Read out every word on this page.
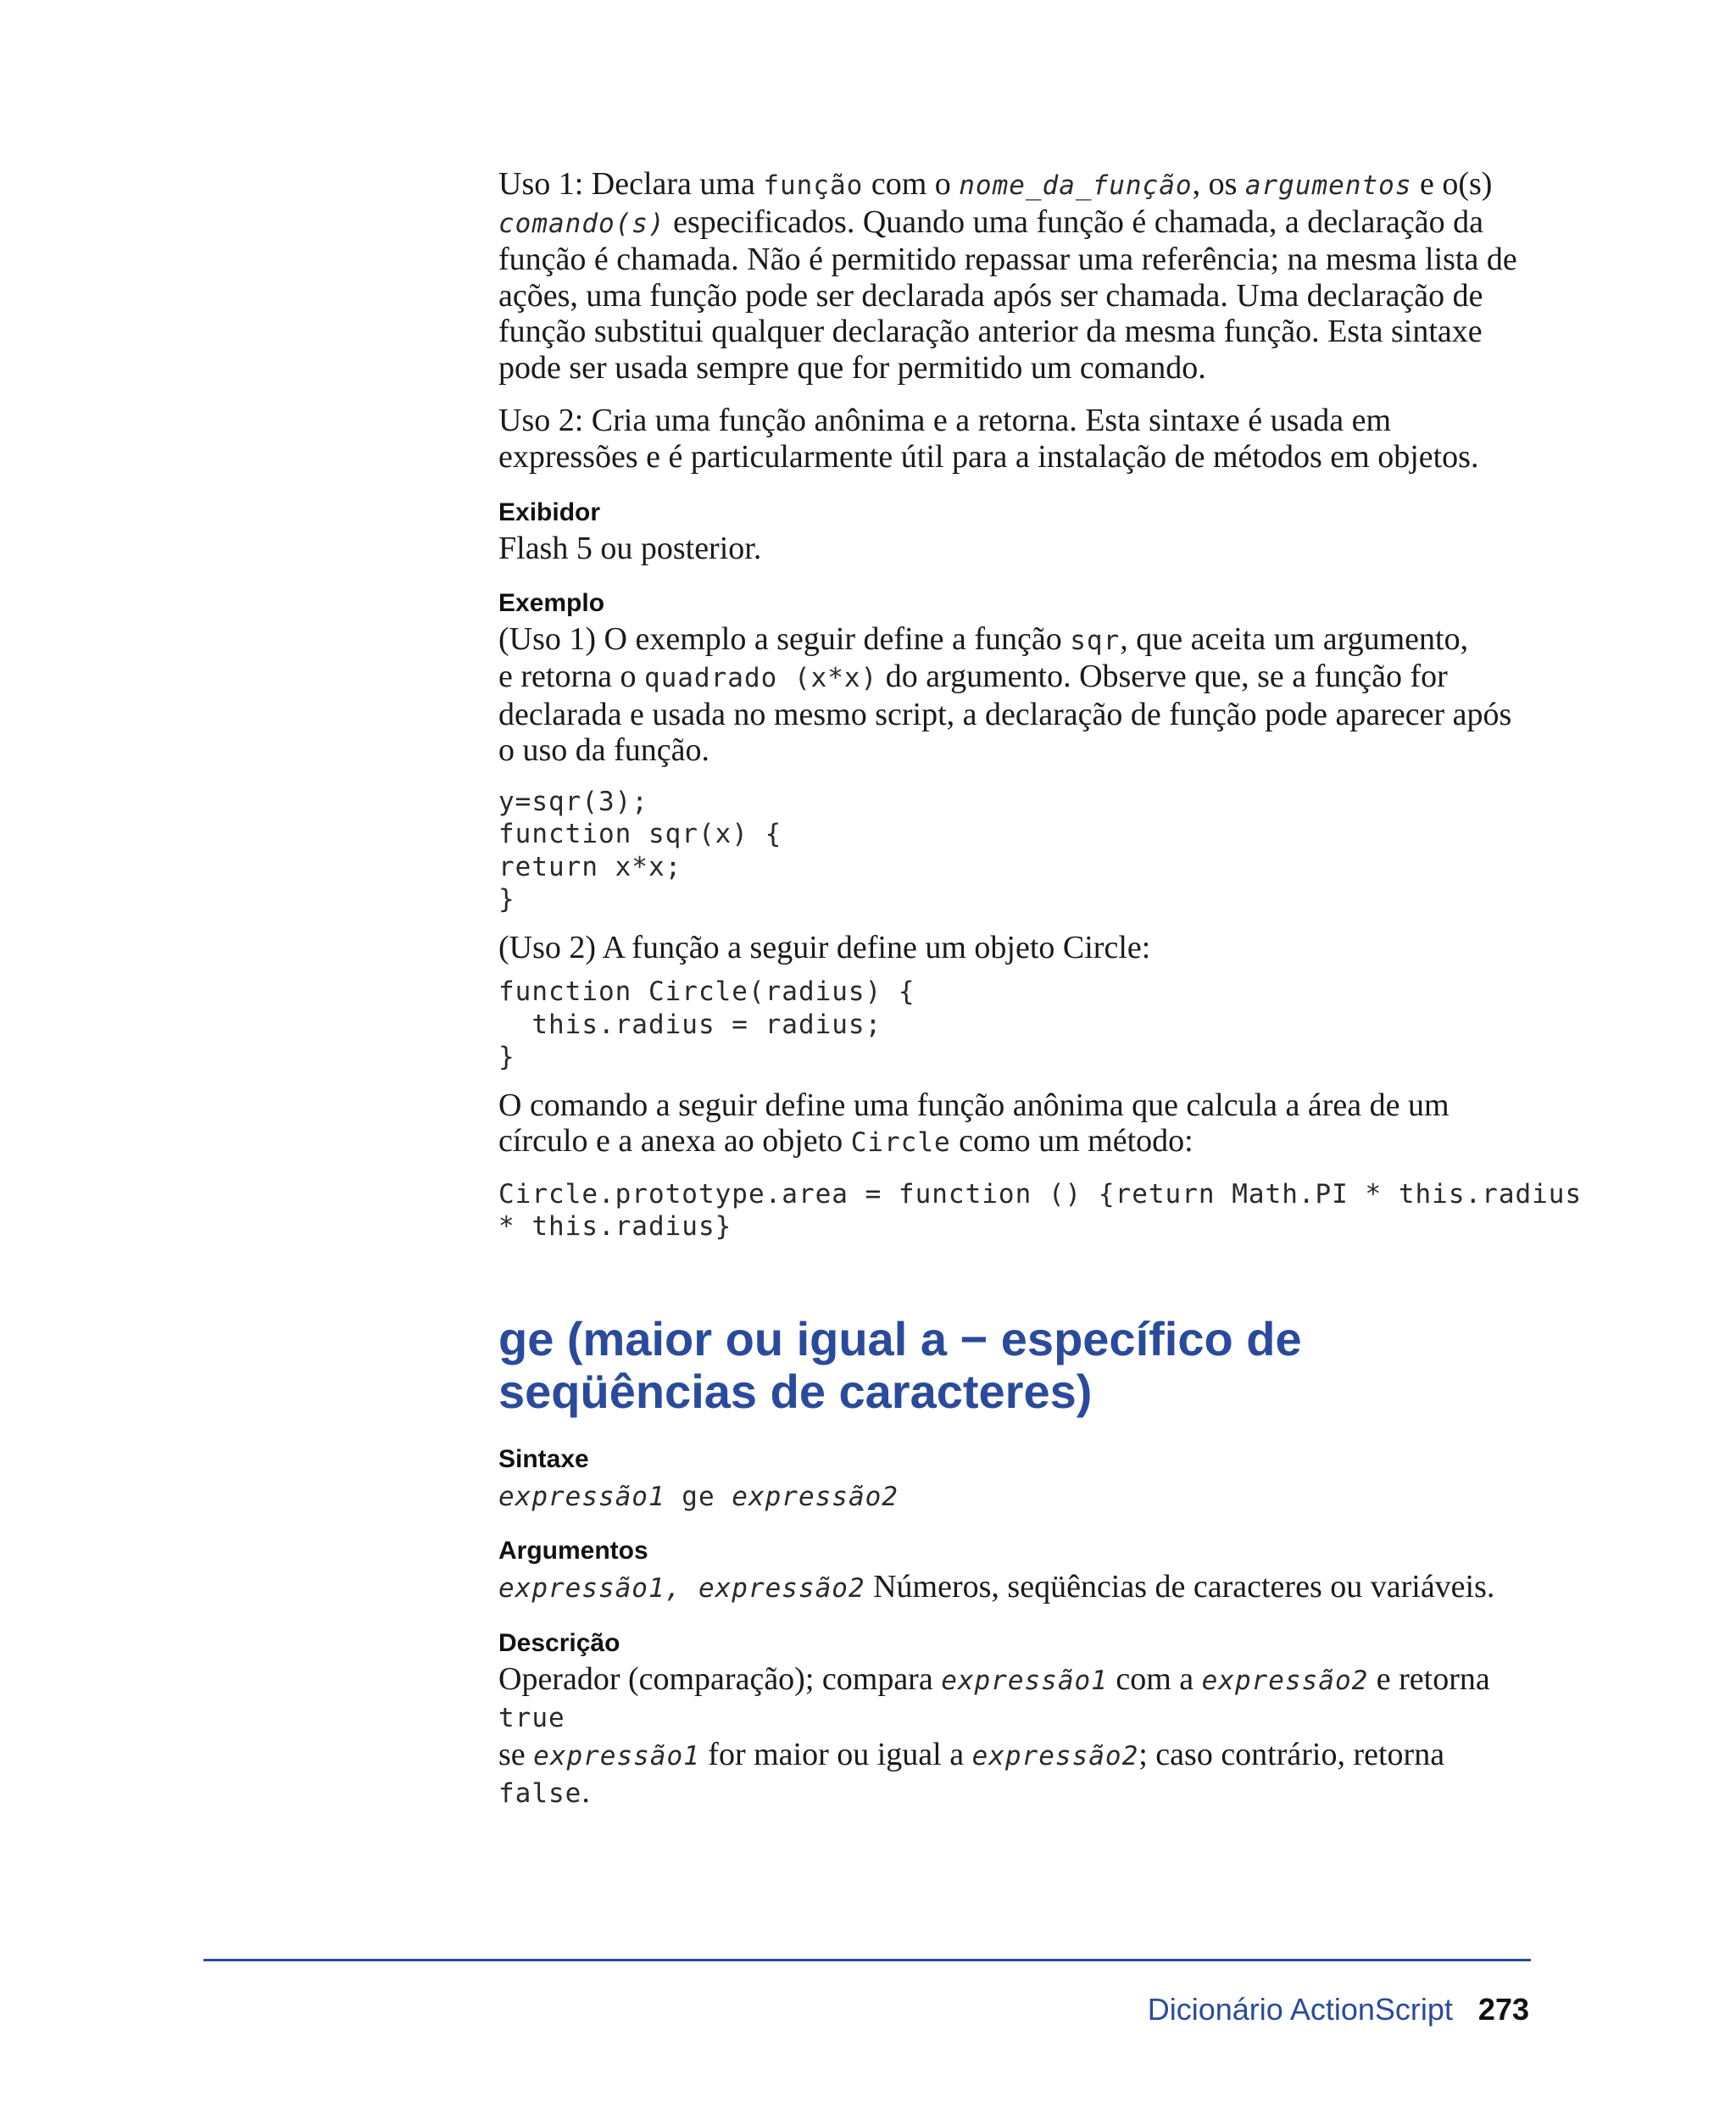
Uso 1: Declara uma função com o nome_da_função, os argumentos e o(s)
comando(s) especificados. Quando uma função é chamada, a declaração da função é chamada. Não é permitido repassar uma referência; na mesma lista de ações, uma função pode ser declarada após ser chamada. Uma declaração de função substitui qualquer declaração anterior da mesma função. Esta sintaxe pode ser usada sempre que for permitido um comando.

Uso 2: Cria uma função anônima e a retorna. Esta sintaxe é usada em expressões e é particularmente útil para a instalação de métodos em objetos.

Exibidor

Flash 5 ou posterior.

Exemplo

(Uso 1) O exemplo a seguir define a função sqr, que aceita um argumento,
e retorna o quadrado (x*x) do argumento. Observe que, se a função for declarada e usada no mesmo script, a declaração de função pode aparecer após o uso da função.

y=sqr(3);
function sqr(x) {
return x*x;
}

(Uso 2) A função a seguir define um objeto Circle:

function Circle(radius) {
this.radius = radius;
}

O comando a seguir define uma função anônima que calcula a área de um círculo e a anexa ao objeto Circle como um método:

Circle.prototype.area = function () {return Math.PI * this.radius
* this.radius}
ge (maior ou igual a − específico de
seqüências de caracteres)
Sintaxe

expressão1 ge expressão2

Argumentos

expressão1, expressão2 Números, seqüências de caracteres ou variáveis.

Descrição

Operador (comparação); compara expressão1 com a expressão2 e retorna true
se expressão1 for maior ou igual a expressão2; caso contrário, retorna false.

Dicionário ActionScript 273
